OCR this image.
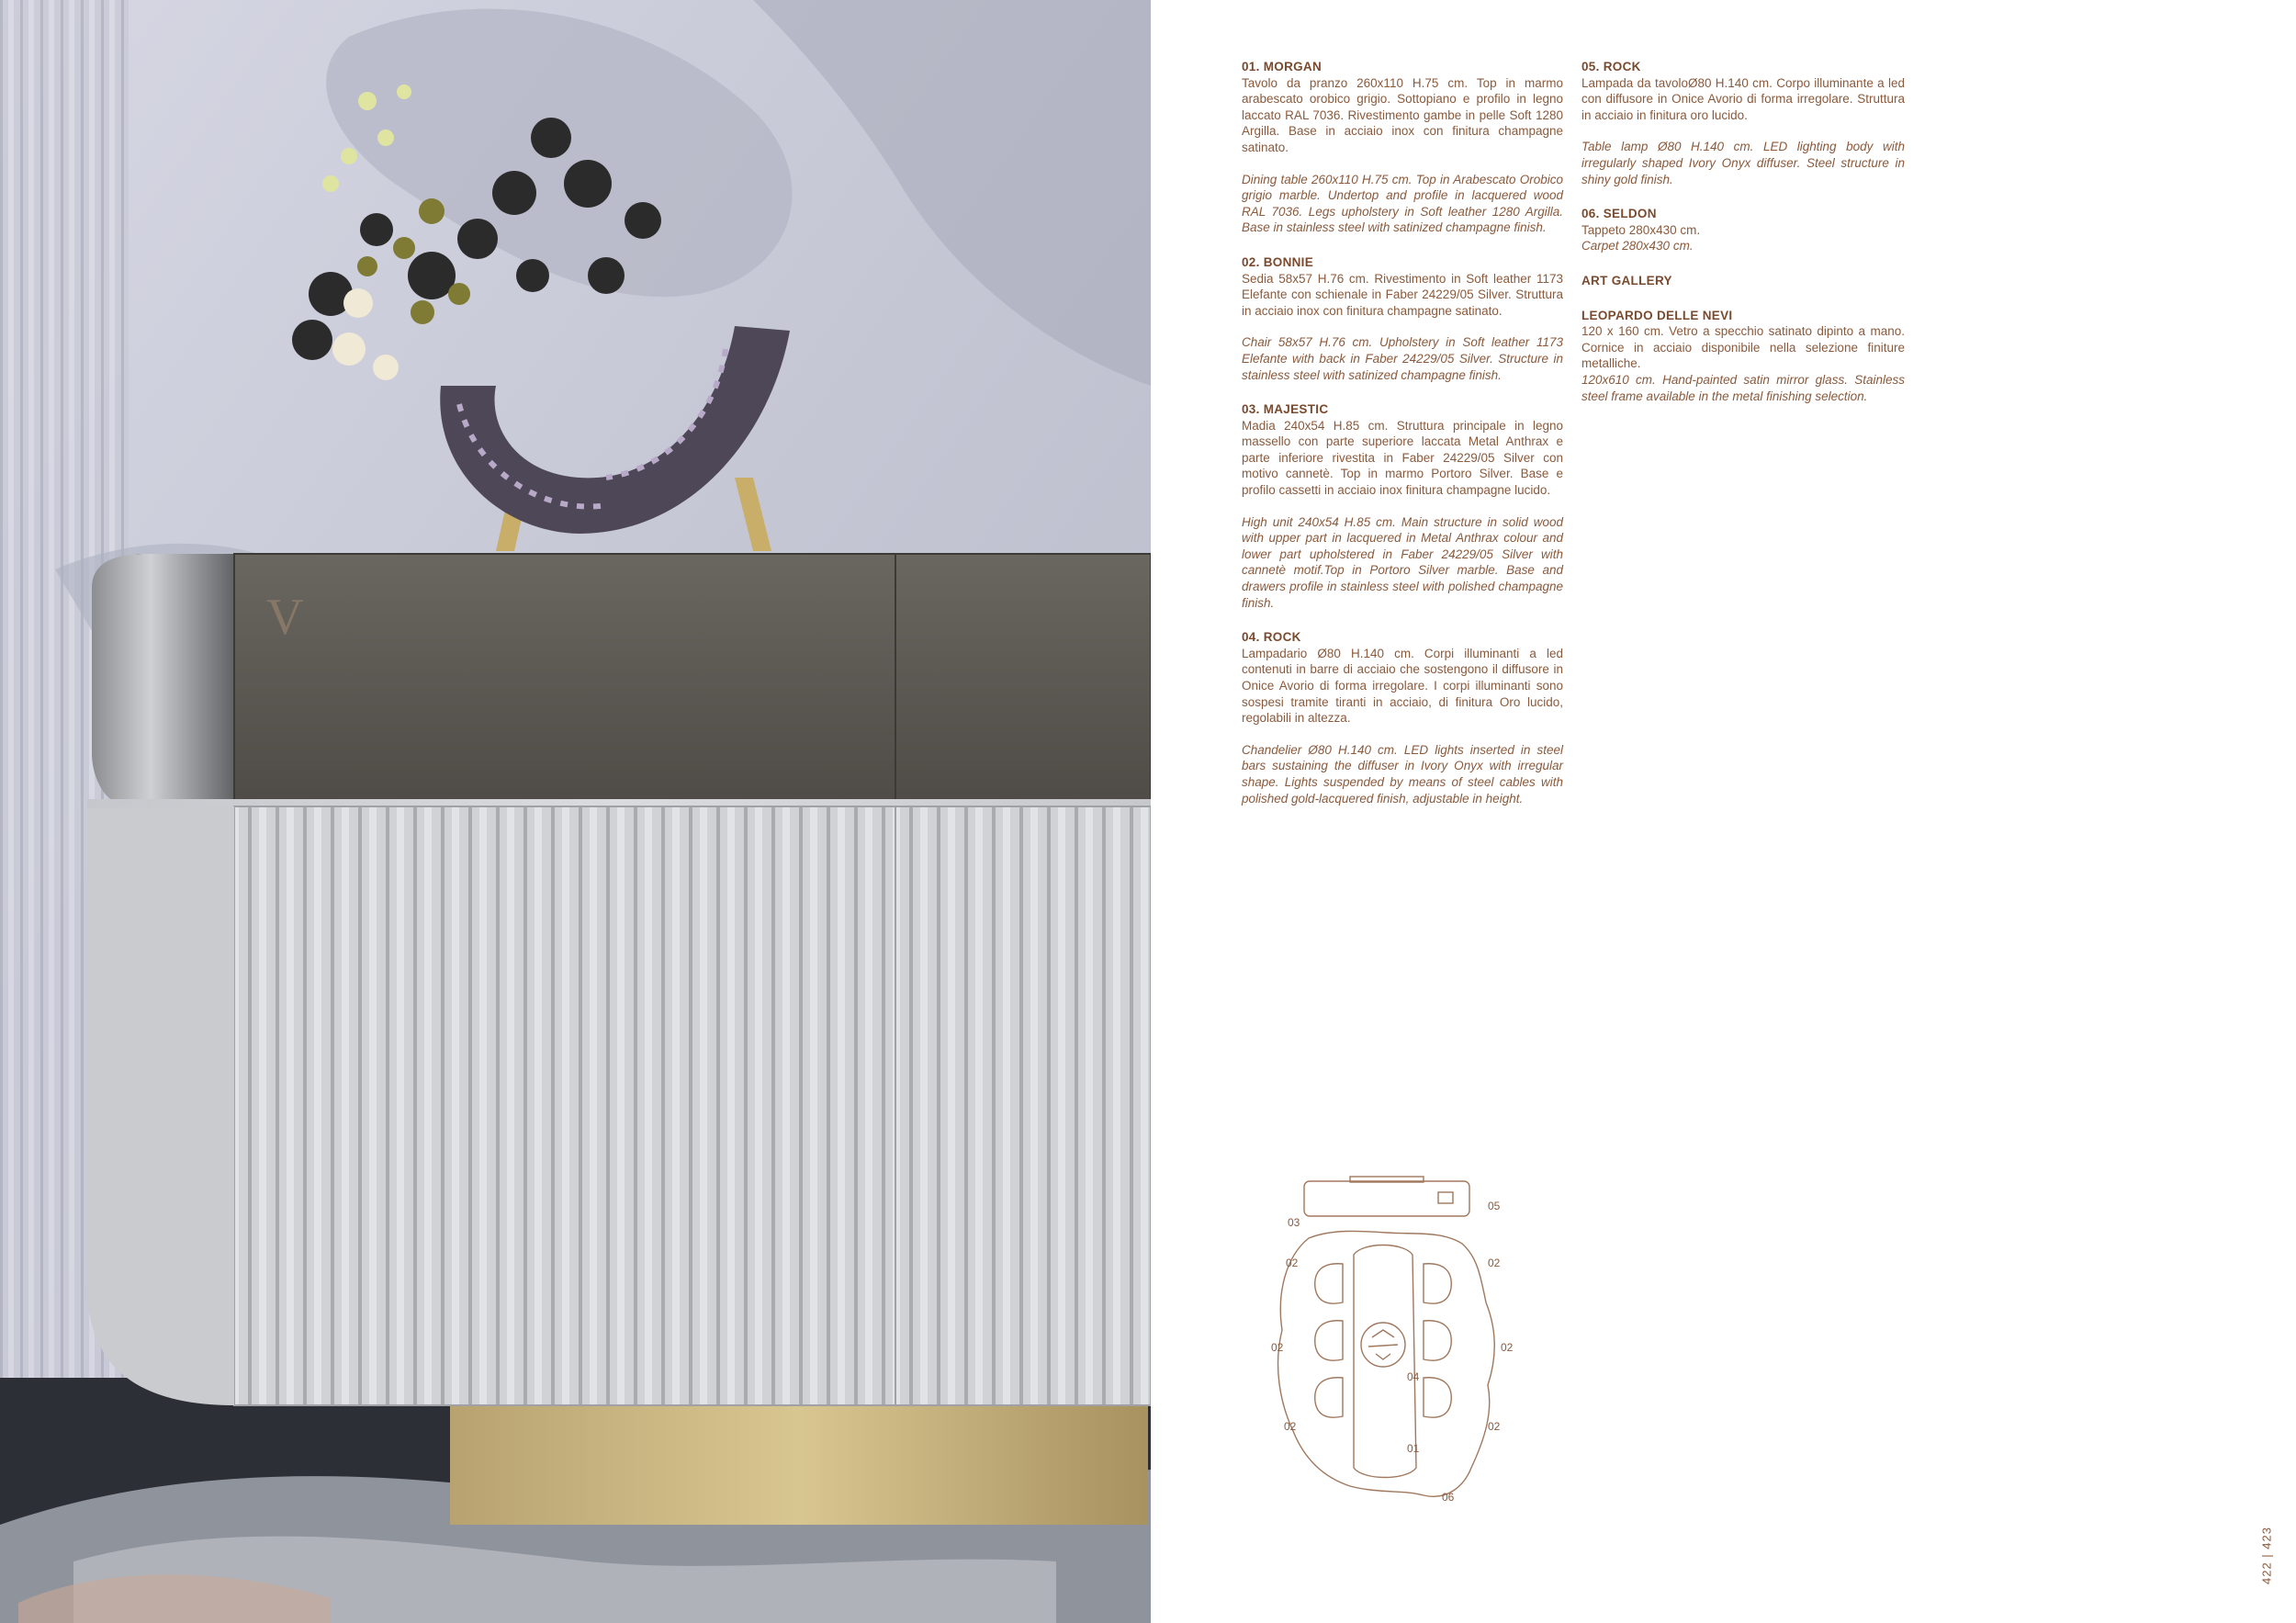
V
01. MORGAN
Tavolo da pranzo 260x110 H.75 cm. Top in marmo arabescato orobico grigio. Sottopiano e profilo in legno laccato RAL 7036. Rivestimento gambe in pelle Soft 1280 Argilla. Base in acciaio inox con finitura champagne satinato.
Dining table 260x110 H.75 cm. Top in Arabescato Orobico grigio marble. Undertop and profile in lacquered wood RAL 7036. Legs upholstery in Soft leather 1280 Argilla. Base in stainless steel with satinized champagne finish.
02. BONNIE
Sedia 58x57 H.76 cm. Rivestimento in Soft leather 1173 Elefante con schienale in Faber 24229/05 Silver. Struttura in acciaio inox con finitura champagne satinato.
Chair 58x57 H.76 cm. Upholstery in Soft leather 1173 Elefante with back in Faber 24229/05 Silver. Structure in stainless steel with satinized champagne finish.
03. MAJESTIC
Madia 240x54 H.85 cm. Struttura principale in legno massello con parte superiore laccata Metal Anthrax e parte inferiore rivestita in Faber 24229/05 Silver con motivo cannetè. Top in marmo Portoro Silver. Base e profilo cassetti in acciaio inox finitura champagne lucido.
High unit 240x54 H.85 cm. Main structure in solid wood with upper part in lacquered in Metal Anthrax colour and lower part upholstered in Faber 24229/05 Silver with cannetè motif.Top in Portoro Silver marble. Base and drawers profile in stainless steel with polished champagne finish.
04. ROCK
Lampadario Ø80 H.140 cm. Corpi illuminanti a led contenuti in barre di acciaio che sostengono il diffusore in Onice Avorio di forma irregolare. I corpi illuminanti sono sospesi tramite tiranti in acciaio, di finitura Oro lucido, regolabili in altezza.
Chandelier Ø80 H.140 cm. LED lights inserted in steel bars sustaining the diffuser in Ivory Onyx with irregular shape. Lights suspended by means of steel cables with polished gold-lacquered finish, adjustable in height.
05. ROCK
Lampada da tavoloØ80 H.140 cm. Corpo illuminante a led con diffusore in Onice Avorio di forma irregolare. Struttura in acciaio in finitura oro lucido.
Table lamp Ø80 H.140 cm. LED lighting body with irregularly shaped Ivory Onyx diffuser. Steel structure in shiny gold finish.
06. SELDON
Tappeto 280x430 cm.
Carpet 280x430 cm.
ART GALLERY
LEOPARDO DELLE NEVI
120 x 160 cm. Vetro a specchio satinato dipinto a mano. Cornice in acciaio disponibile nella selezione finiture metalliche.
120x610 cm. Hand-painted satin mirror glass. Stainless steel frame available in the metal finishing selection.
03
05
02	02
02	02
04
02	02
01
06
422 | 423
